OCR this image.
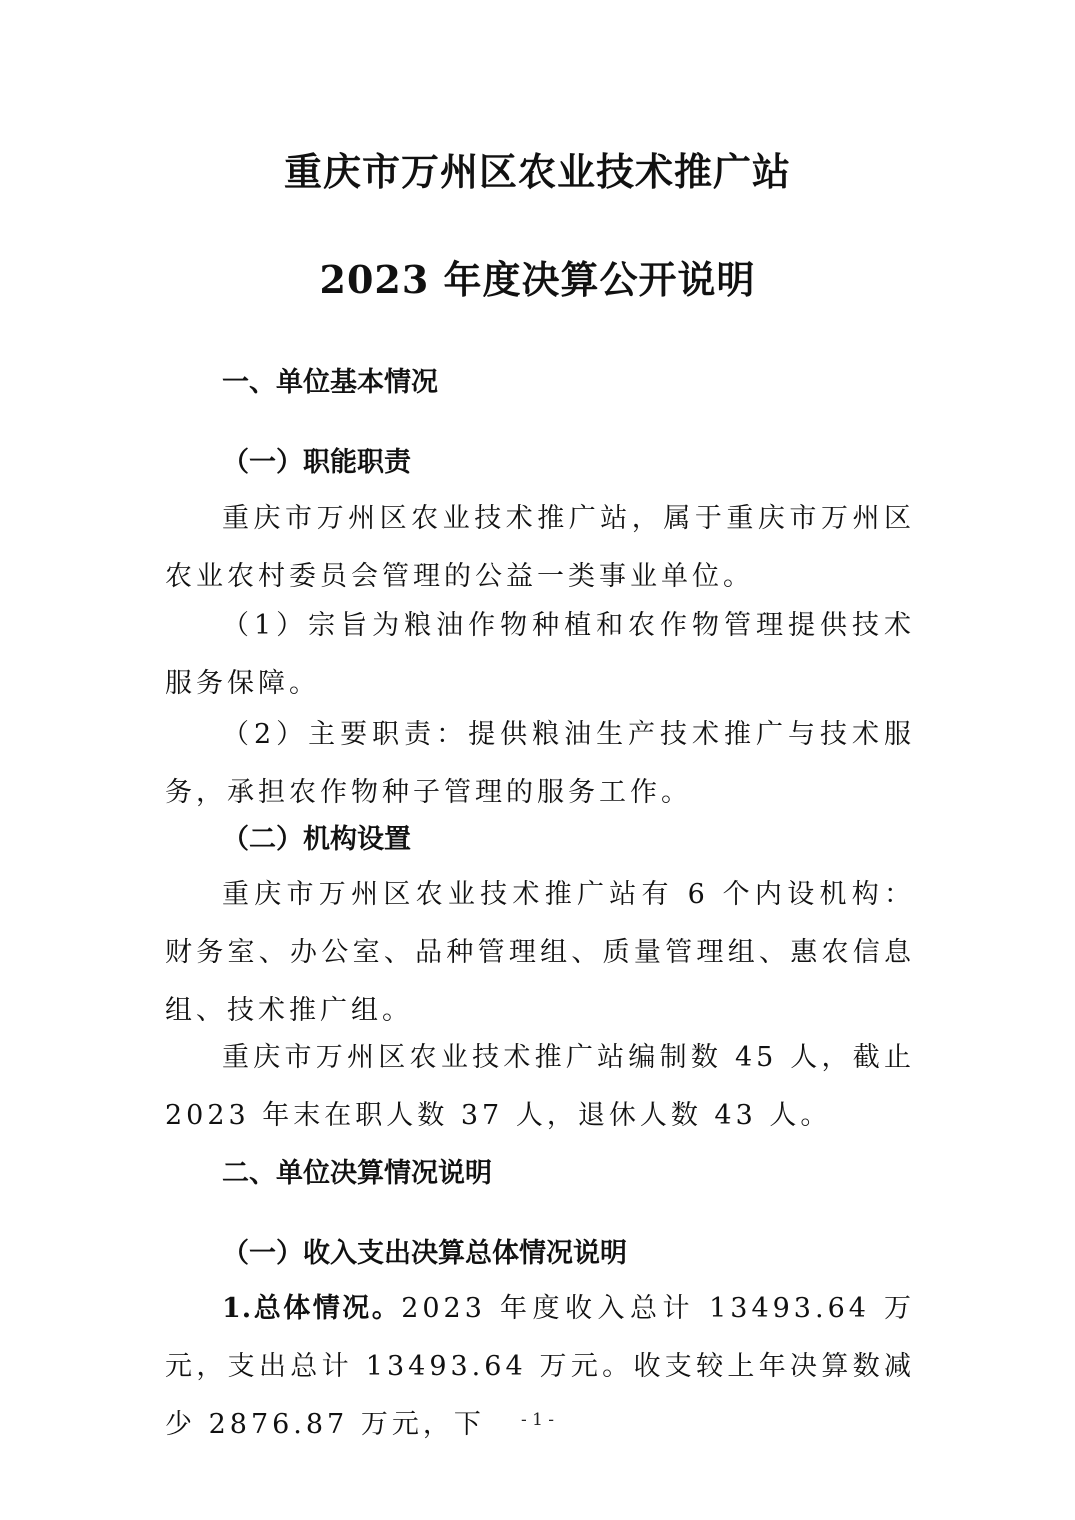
重庆市万州区农业技术推广站
2023 年度决算公开说明
一、单位基本情况
（一）职能职责
重庆市万州区农业技术推广站，属于重庆市万州区农业农村委员会管理的公益一类事业单位。
（1）宗旨为粮油作物种植和农作物管理提供技术服务保障。
（2）主要职责：提供粮油生产技术推广与技术服务，承担农作物种子管理的服务工作。
（二）机构设置
重庆市万州区农业技术推广站有 6 个内设机构：财务室、办公室、品种管理组、质量管理组、惠农信息组、技术推广组。
重庆市万州区农业技术推广站编制数 45 人，截止 2023 年末在职人数 37 人，退休人数 43 人。
二、单位决算情况说明
（一）收入支出决算总体情况说明
1.总体情况。2023 年度收入总计 13493.64 万元，支出总计 13493.64 万元。收支较上年决算数减少 2876.87 万元，下	- 1 -
